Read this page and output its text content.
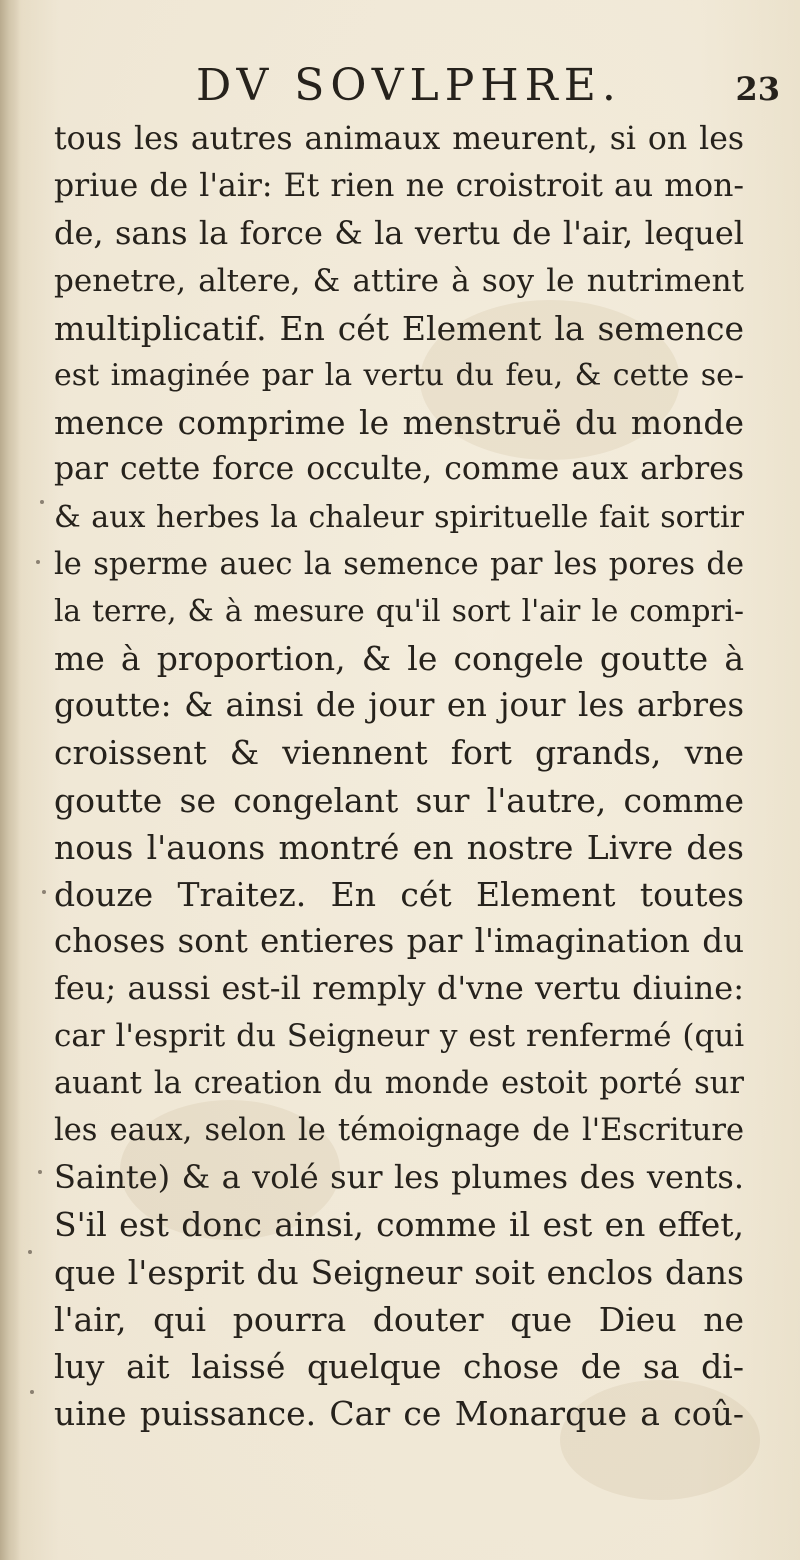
DV SOVLPHRE.	23
tous les autres animaux meurent, si on les
priue de l'air: Et rien ne croistroit au mon-
de, sans la force & la vertu de l'air, lequel
penetre, altere, & attire à soy le nutriment
multiplicatif. En cét Element la semence
est imaginée par la vertu du feu, & cette se-
mence comprime le menstruë du monde
par cette force occulte, comme aux arbres
& aux herbes la chaleur spirituelle fait sortir
le sperme auec la semence par les pores de
la terre, & à mesure qu'il sort l'air le compri-
me à proportion, & le congele goutte à
goutte: & ainsi de jour en jour les arbres
croissent & viennent fort grands, vne
goutte se congelant sur l'autre, comme
nous l'auons montré en nostre Livre des
douze Traitez. En cét Element toutes
choses sont entieres par l'imagination du
feu; aussi est-il remply d'vne vertu diuine:
car l'esprit du Seigneur y est renfermé (qui
auant la creation du monde estoit porté sur
les eaux, selon le témoignage de l'Escriture
Sainte) & a volé sur les plumes des vents.
S'il est donc ainsi, comme il est en effet,
que l'esprit du Seigneur soit enclos dans
l'air, qui pourra douter que Dieu ne
luy ait laissé quelque chose de sa di-
uine puissance. Car ce Monarque a coû-
